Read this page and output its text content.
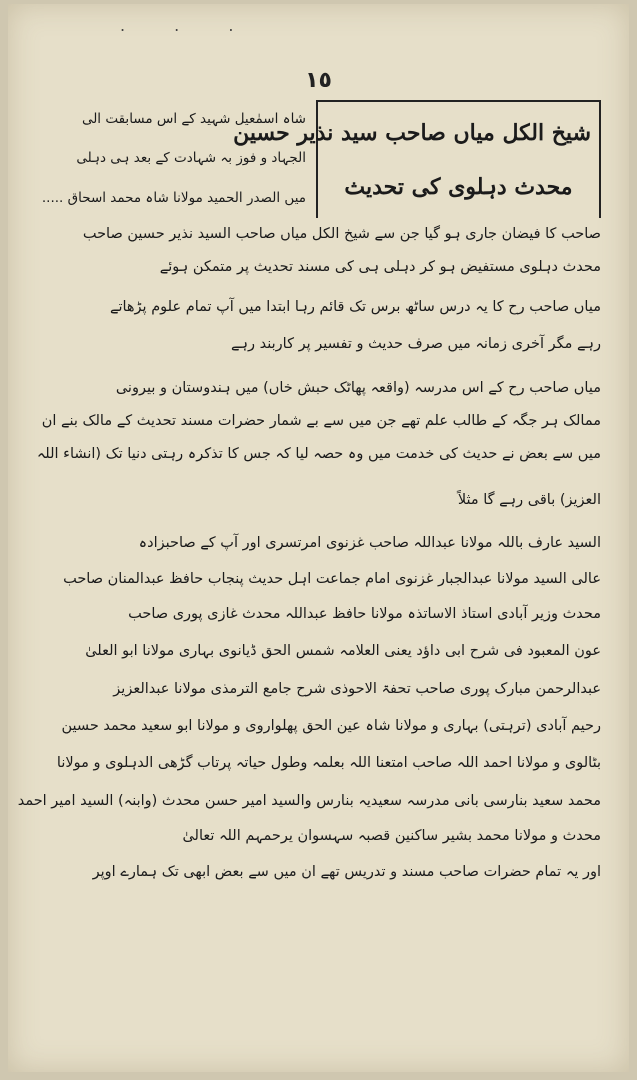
. . .
١٥
شیخ الکل میاں صاحب سید نذیر حسین
محدث دہلوی کی تحدیث
شاہ اسمٰعیل شہید کے اس مسابقت الی
الجہاد و فوز بہ شہادت کے بعد ہی دہلی
میں الصدر الحمید مولانا شاہ محمد اسحاق .....

صاحب کا فیضان جاری ہو گیا جن سے شیخ الکل میاں صاحب السید نذیر حسین صاحب

محدث دہلوی مستفیض ہو کر دہلی ہی کی مسند تحدیث پر متمکن ہوئے

میاں صاحب رح کا یہ درس ساٹھ برس تک قائم رہا ابتدا میں آپ تمام علوم پڑھاتے

رہے مگر آخری زمانہ میں صرف حدیث و تفسیر پر کاربند رہے

میاں صاحب رح کے اس مدرسہ (واقعہ پھاٹک حبش خاں) میں ہندوستان و بیرونی

ممالک ہر جگہ کے طالب علم تھے جن میں سے بے شمار حضرات مسند تحدیث کے مالک بنے ان

میں سے بعض نے حدیث کی خدمت میں وہ حصہ لیا کہ جس کا تذکرہ رہتی دنیا تک (انشاء اللہ

العزیز) باقی رہے گا مثلاً

السید عارف باللہ مولانا عبداللہ صاحب غزنوی امرتسری اور آپ کے صاحبزادہ

عالی السید مولانا عبدالجبار غزنوی امام جماعت اہل حدیث پنجاب حافظ عبدالمنان صاحب

محدث وزیر آبادی استاذ الاساتذہ مولانا حافظ عبداللہ محدث غازی پوری صاحب

عون المعبود فی شرح ابی داؤد یعنی العلامہ شمس الحق ڈیانوی بہاری مولانا ابو العلیٰ

عبدالرحمن مبارک پوری صاحب تحفۃ الاحوذی شرح جامع الترمذی مولانا عبدالعزیز

رحیم آبادی (ترہتی) بہاری و مولانا شاہ عین الحق پھلواروی و مولانا ابو سعید محمد حسین

بٹالوی و مولانا احمد اللہ صاحب امتعنا اللہ بعلمہ وطول حیاتہ پرتاب گڑھی الدہلوی و مولانا

محمد سعید بنارسی بانی مدرسہ سعیدیہ بنارس والسید امیر حسن محدث (وابنہ) السید امیر احمد

محدث و مولانا محمد بشیر ساکنین قصبہ سہسوان یرحمہم اللہ تعالیٰ

اور یہ تمام حضرات صاحب مسند و تدریس تھے ان میں سے بعض ابھی تک ہمارے اوپر
